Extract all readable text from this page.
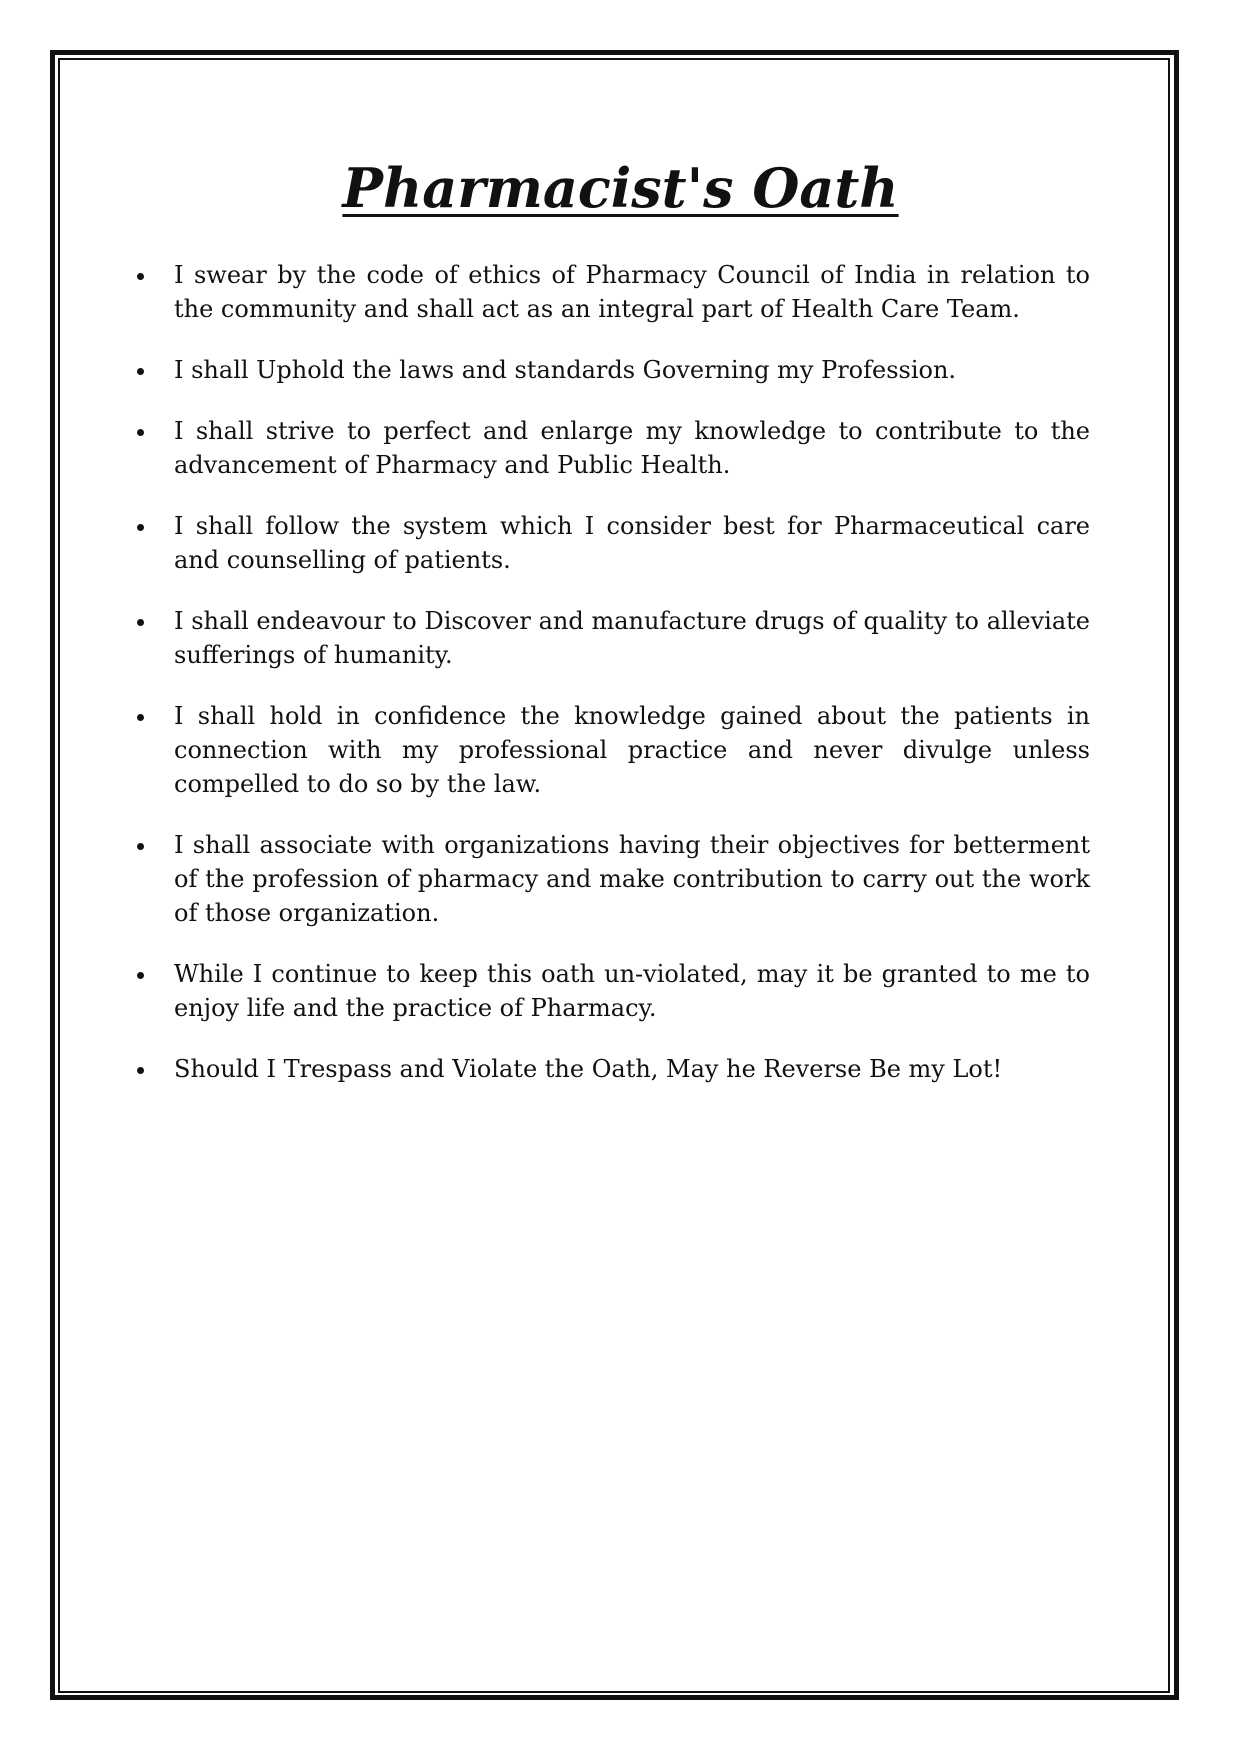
Pharmacist's Oath
I swear by the code of ethics of Pharmacy Council of India in relation to the community and shall act as an integral part of Health Care Team.
I shall Uphold the laws and standards Governing my Profession.
I shall strive to perfect and enlarge my knowledge to contribute to the advancement of Pharmacy and Public Health.
I shall follow the system which I consider best for Pharmaceutical care and counselling of patients.
I shall endeavour to Discover and manufacture drugs of quality to alleviate sufferings of humanity.
I shall hold in confidence the knowledge gained about the patients in connection with my professional practice and never divulge unless compelled to do so by the law.
I shall associate with organizations having their objectives for betterment of the profession of pharmacy and make contribution to carry out the work of those organization.
While I continue to keep this oath un-violated, may it be granted to me to enjoy life and the practice of Pharmacy.
Should I Trespass and Violate the Oath, May he Reverse Be my Lot!
